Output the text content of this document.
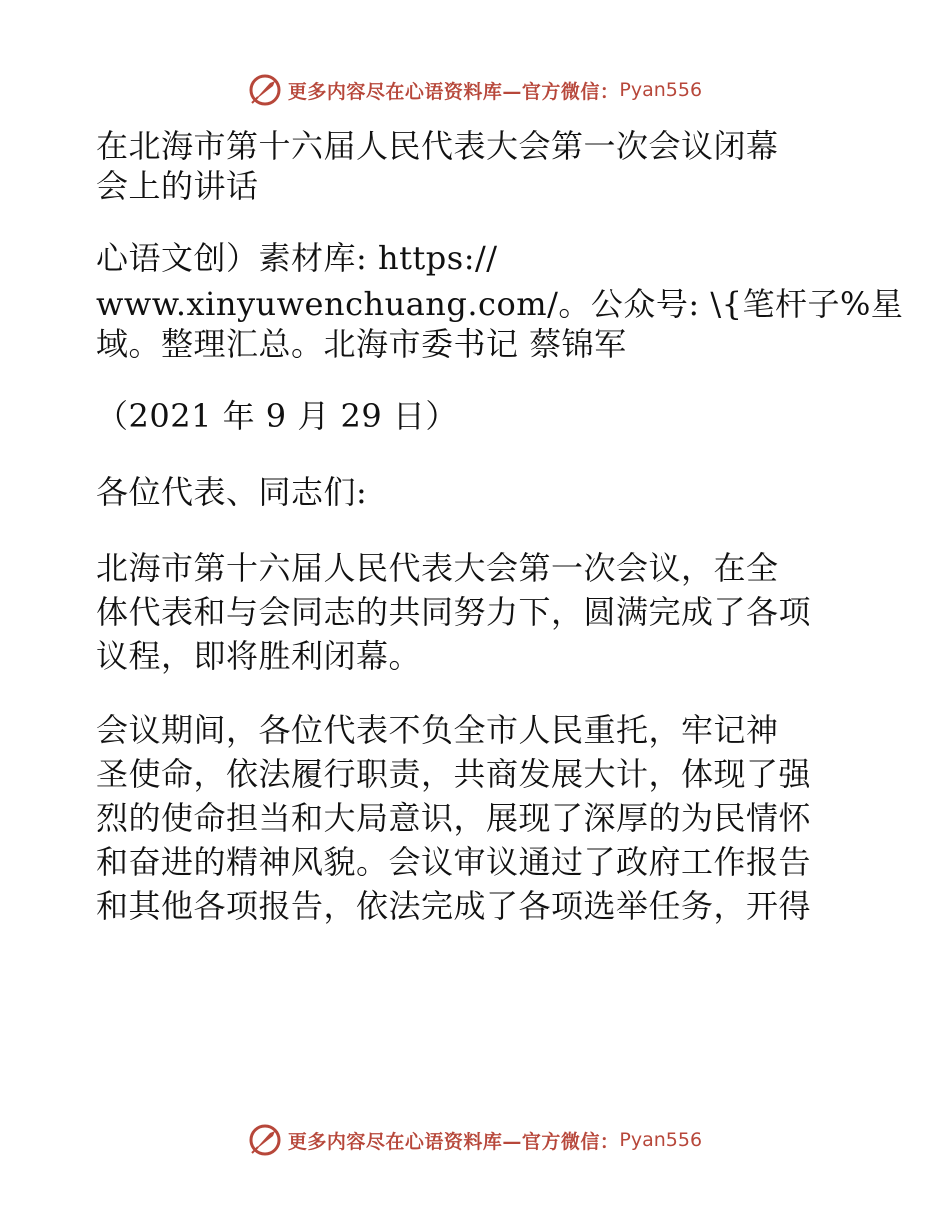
更多内容尽在心语资料库—官方微信： Pyan556
在北海市第十六届人民代表大会第一次会议闭幕
会上的讲话
心语文创）素材库: https://
www.xinyuwenchuang.com/。公众号: \{笔杆子%星
域。整理汇总。北海市委书记 蔡锦军
（2021 年 9 月 29 日）
各位代表、同志们:
北海市第十六届人民代表大会第一次会议，在全
体代表和与会同志的共同努力下，圆满完成了各项
议程，即将胜利闭幕。
会议期间，各位代表不负全市人民重托，牢记神
圣使命，依法履行职责，共商发展大计，体现了强
烈的使命担当和大局意识，展现了深厚的为民情怀
和奋进的精神风貌。会议审议通过了政府工作报告
和其他各项报告，依法完成了各项选举任务，开得
更多内容尽在心语资料库—官方微信： Pyan556
